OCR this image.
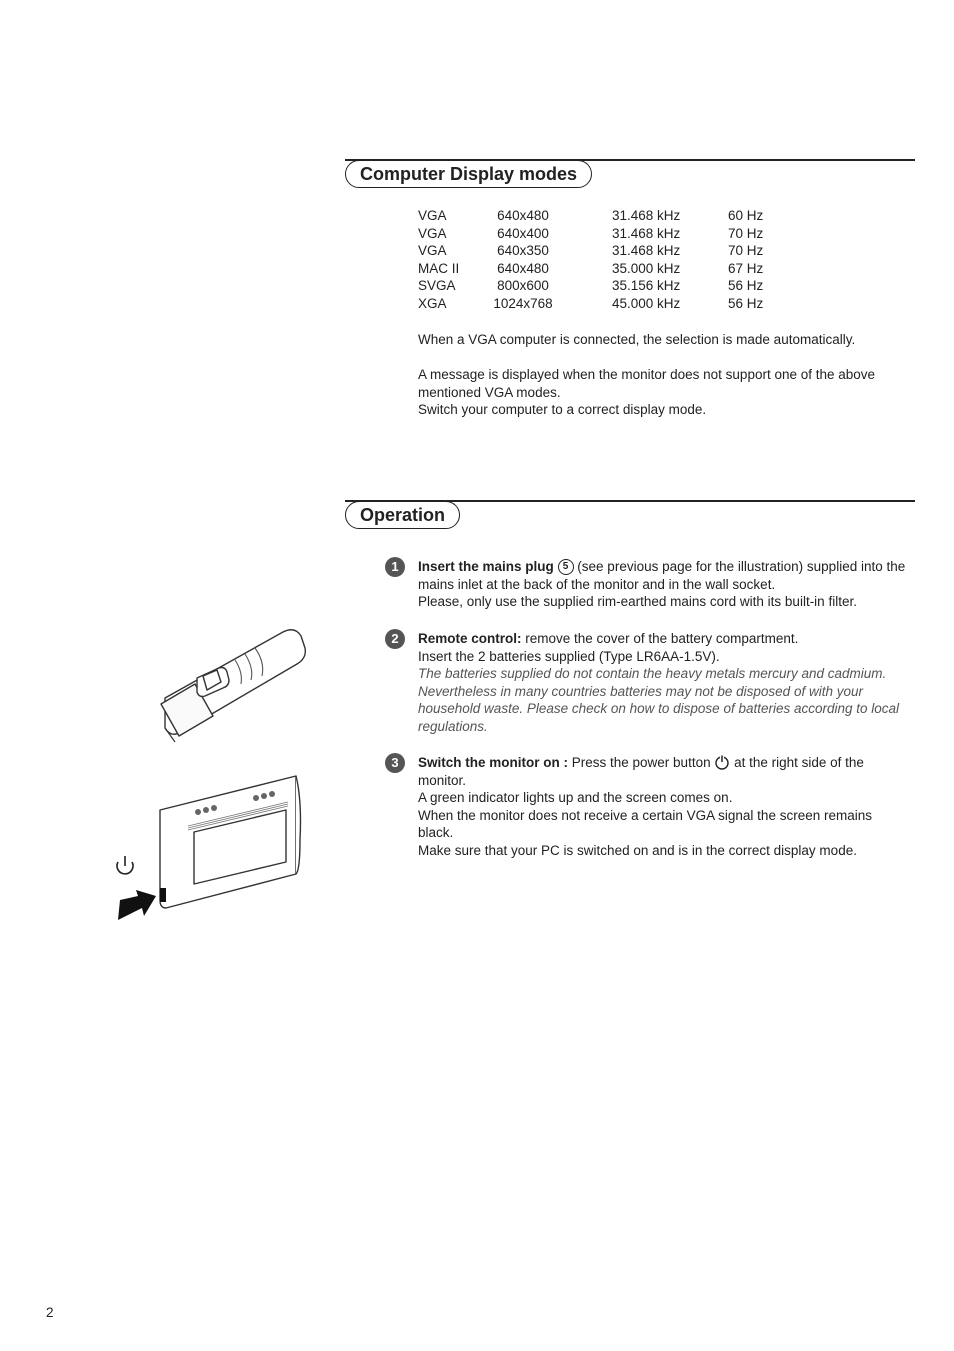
Computer Display modes
VGA	640x480	31.468 kHz	60 Hz
VGA	640x400	31.468 kHz	70 Hz
VGA	640x350	31.468 kHz	70 Hz
MAC II	640x480	35.000 kHz	67 Hz
SVGA	800x600	35.156 kHz	56 Hz
XGA	1024x768	45.000 kHz	56 Hz

When a VGA computer is connected, the selection is made automatically.

A message is displayed when the monitor does not support one of the above mentioned VGA modes.

Switch your computer to a correct display mode.

Operation
1	Insert the mains plug 5 (see previous page for the illustration) supplied into the mains inlet at the back of the monitor and in the wall socket.

Please, only use the supplied rim-earthed mains cord with its built-in filter.

2	Remote control: remove the cover of the battery compartment.

Insert the 2 batteries supplied (Type LR6AA-1.5V).

The batteries supplied do not contain the heavy metals mercury and cadmium. Nevertheless in many countries batteries may not be disposed of with your household waste. Please check on how to dispose of batteries according to local regulations.

3	Switch the monitor on : Press the power button  at the right side of the monitor.

A green indicator lights up and the screen comes on.

When the monitor does not receive a certain VGA signal the screen remains black.

Make sure that your PC is switched on and is in the correct display mode.

2
